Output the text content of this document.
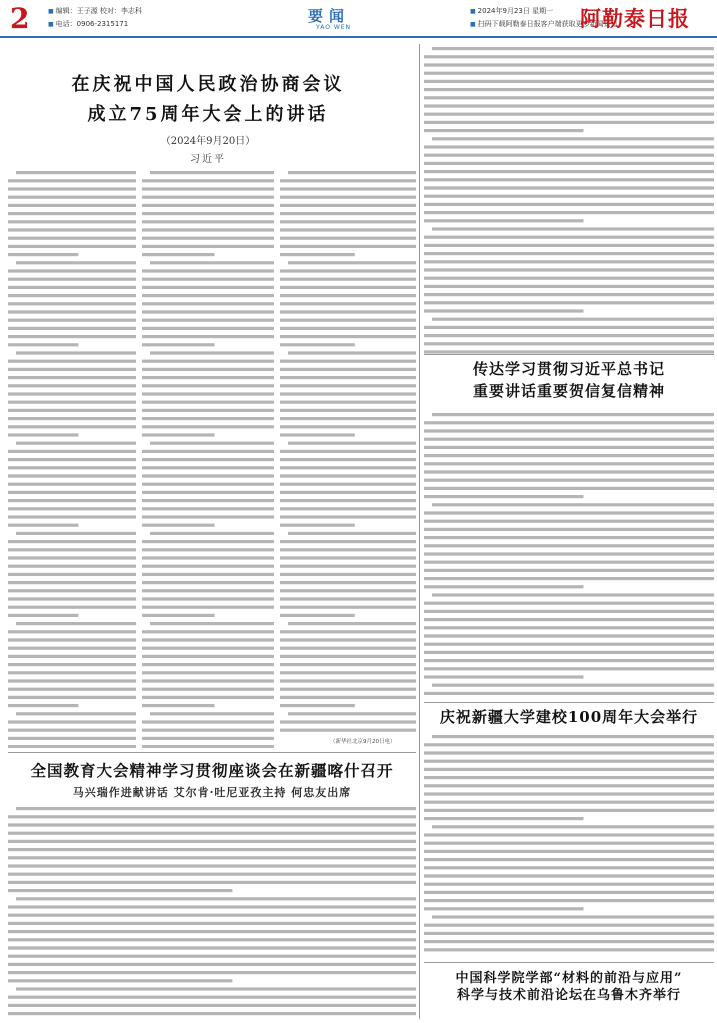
2
■	编辑：王子源 校对：李志科
■ 电话：0906-2315171	要闻
YAO WEN
■ 2024年9月23日 星期一
■ 扫码下载阿勒泰日报客户端获取更多新闻资讯
阿勒泰日报
在庆祝中国人民政治协商会议
成立75周年大会上的讲话
（2024年9月20日）
习近平
（新华社北京9月20日电）
传达学习贯彻习近平总书记
重要讲话重要贺信复信精神
庆祝新疆大学建校100周年大会举行
中国科学院学部“材料的前沿与应用”
科学与技术前沿论坛在乌鲁木齐举行
全国教育大会精神学习贯彻座谈会在新疆喀什召开
马兴瑞作进献讲话 艾尔肯·吐尼亚孜主持 何忠友出席
